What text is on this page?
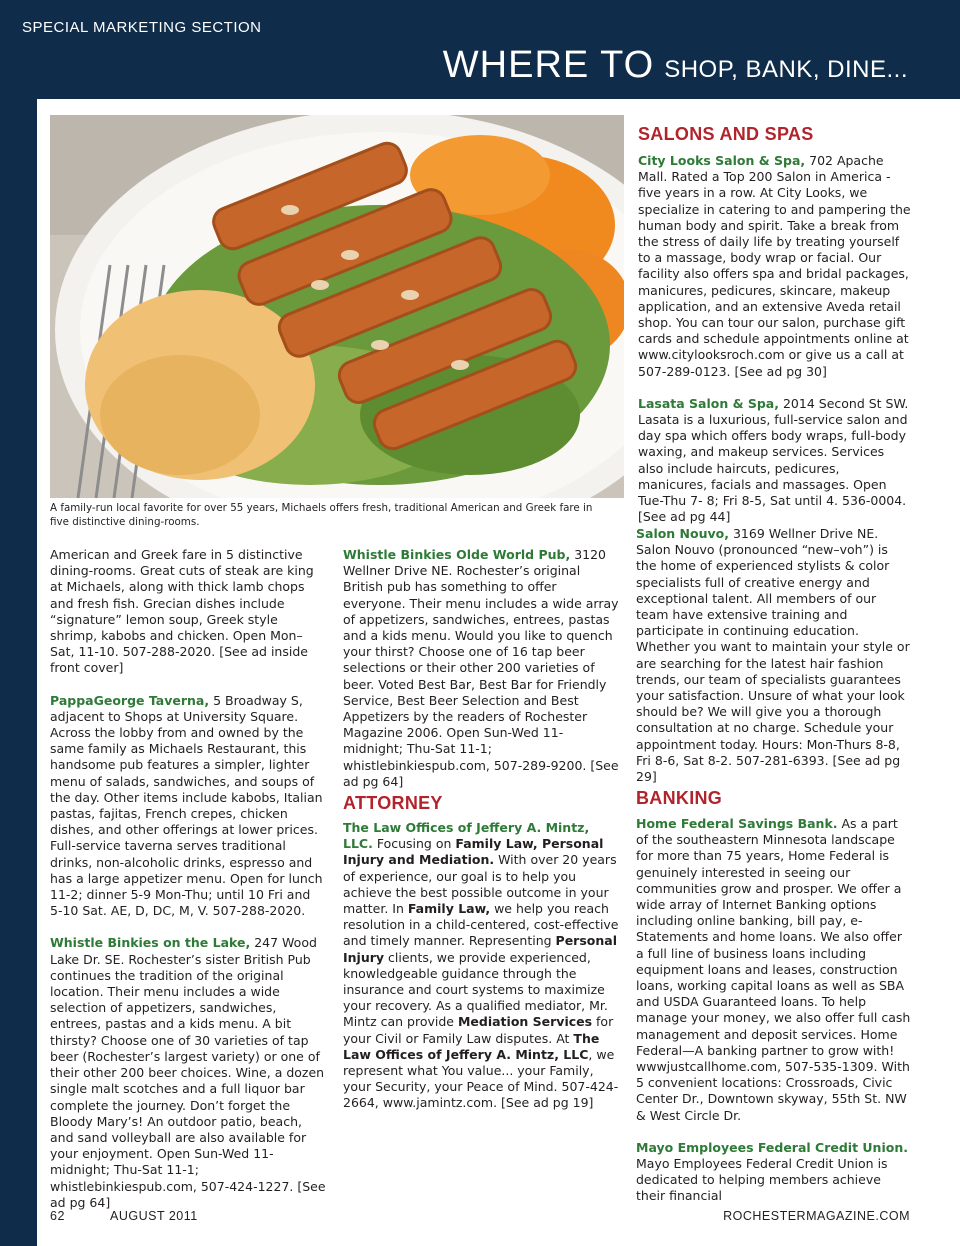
SPECIAL MARKETING SECTION
WHERE TO SHOP, BANK, DINE...
A family-run local favorite for over 55 years, Michaels offers fresh, traditional American and Greek fare in five distinctive dining-rooms.

American and Greek fare in 5 distinctive dining-rooms. Great cuts of steak are king at Michaels, along with thick lamb chops and fresh fish. Grecian dishes include “signature” lemon soup, Greek style shrimp, kabobs and chicken. Open Mon–Sat, 11-10. 507-288-2020. [See ad inside front cover]

PappaGeorge Taverna, 5 Broadway S, adjacent to Shops at University Square. Across the lobby from and owned by the same family as Michaels Restaurant, this handsome pub features a simpler, lighter menu of salads, sandwiches, and soups of the day. Other items include kabobs, Italian pastas, fajitas, French crepes, chicken dishes, and other offerings at lower prices. Full-service taverna serves traditional drinks, non-alcoholic drinks, espresso and has a large appetizer menu. Open for lunch 11-2; dinner 5-9 Mon-Thu; until 10 Fri and 5-10 Sat. AE, D, DC, M, V. 507-288-2020.

Whistle Binkies on the Lake, 247 Wood Lake Dr. SE. Rochester’s sister British Pub continues the tradition of the original location. Their menu includes a wide selection of appetizers, sandwiches, entrees, pastas and a kids menu. A bit thirsty? Choose one of 30 varieties of tap beer (Rochester’s largest variety) or one of their other 200 beer choices. Wine, a dozen single malt scotches and a full liquor bar complete the journey. Don’t forget the Bloody Mary’s! An outdoor patio, beach, and sand volleyball are also available for your enjoyment. Open Sun-Wed 11-midnight; Thu-Sat 11-1; whistlebinkiespub.com, 507-424-1227. [See ad pg 64]

Whistle Binkies Olde World Pub, 3120 Wellner Drive NE. Rochester’s original British pub has something to offer everyone. Their menu includes a wide array of appetizers, sandwiches, entrees, pastas and a kids menu. Would you like to quench your thirst? Choose one of 16 tap beer selections or their other 200 varieties of beer. Voted Best Bar, Best Bar for Friendly Service, Best Beer Selection and Best Appetizers by the readers of Rochester Magazine 2006. Open Sun-Wed 11-midnight; Thu-Sat 11-1; whistlebinkiespub.com, 507-289-9200. [See ad pg 64]

ATTORNEY

The Law Offices of Jeffery A. Mintz, LLC. Focusing on Family Law, Personal Injury and Mediation. With over 20 years of experience, our goal is to help you achieve the best possible outcome in your matter. In Family Law, we help you reach resolution in a child-centered, cost-effective and timely manner. Representing Personal Injury clients, we provide experienced, knowledgeable guidance through the insurance and court systems to maximize your recovery. As a qualified mediator, Mr. Mintz can provide Mediation Services for your Civil or Family Law disputes. At The Law Offices of Jeffery A. Mintz, LLC, we represent what You value... your Family, your Security, your Peace of Mind. 507-424-2664, www.jamintz.com. [See ad pg 19]

SALONS AND SPAS

City Looks Salon & Spa, 702 Apache Mall. Rated a Top 200 Salon in America - five years in a row. At City Looks, we specialize in catering to and pampering the human body and spirit. Take a break from the stress of daily life by treating yourself to a massage, body wrap or facial. Our facility also offers spa and bridal packages, manicures, pedicures, skincare, makeup application, and an extensive Aveda retail shop. You can tour our salon, purchase gift cards and schedule appointments online at www.citylooksroch.com or give us a call at 507-289-0123. [See ad pg 30]

Lasata Salon & Spa, 2014 Second St SW. Lasata is a luxurious, full-service salon and day spa which offers body wraps, full-body waxing, and makeup services. Services also include haircuts, pedicures, manicures, facials and massages. Open Tue-Thu 7- 8; Fri 8-5, Sat until 4. 536-0004. [See ad pg 44]

Salon Nouvo, 3169 Wellner Drive NE. Salon Nouvo (pronounced “new–voh”) is the home of experienced stylists & color specialists full of creative energy and exceptional talent. All members of our team have extensive training and participate in continuing education. Whether you want to maintain your style or are searching for the latest hair fashion trends, our team of specialists guarantees your satisfaction. Unsure of what your look should be? We will give you a thorough consultation at no charge. Schedule your appointment today. Hours: Mon-Thurs 8-8, Fri 8-6, Sat 8-2. 507-281-6393. [See ad pg 29]

BANKING

Home Federal Savings Bank. As a part of the southeastern Minnesota landscape for more than 75 years, Home Federal is genuinely interested in seeing our communities grow and prosper. We offer a wide array of Internet Banking options including online banking, bill pay, e-Statements and home loans. We also offer a full line of business loans including equipment loans and leases, construction loans, working capital loans as well as SBA and USDA Guaranteed loans. To help manage your money, we also offer full cash management and deposit services. Home Federal—A banking partner to grow with! wwwjustcallhome.com, 507-535-1309. With 5 convenient locations: Crossroads, Civic Center Dr., Downtown skyway, 55th St. NW & West Circle Dr.

Mayo Employees Federal Credit Union. Mayo Employees Federal Credit Union is dedicated to helping members achieve their financial

62	AUGUST 2011	ROCHESTERMAGAZINE.COM
